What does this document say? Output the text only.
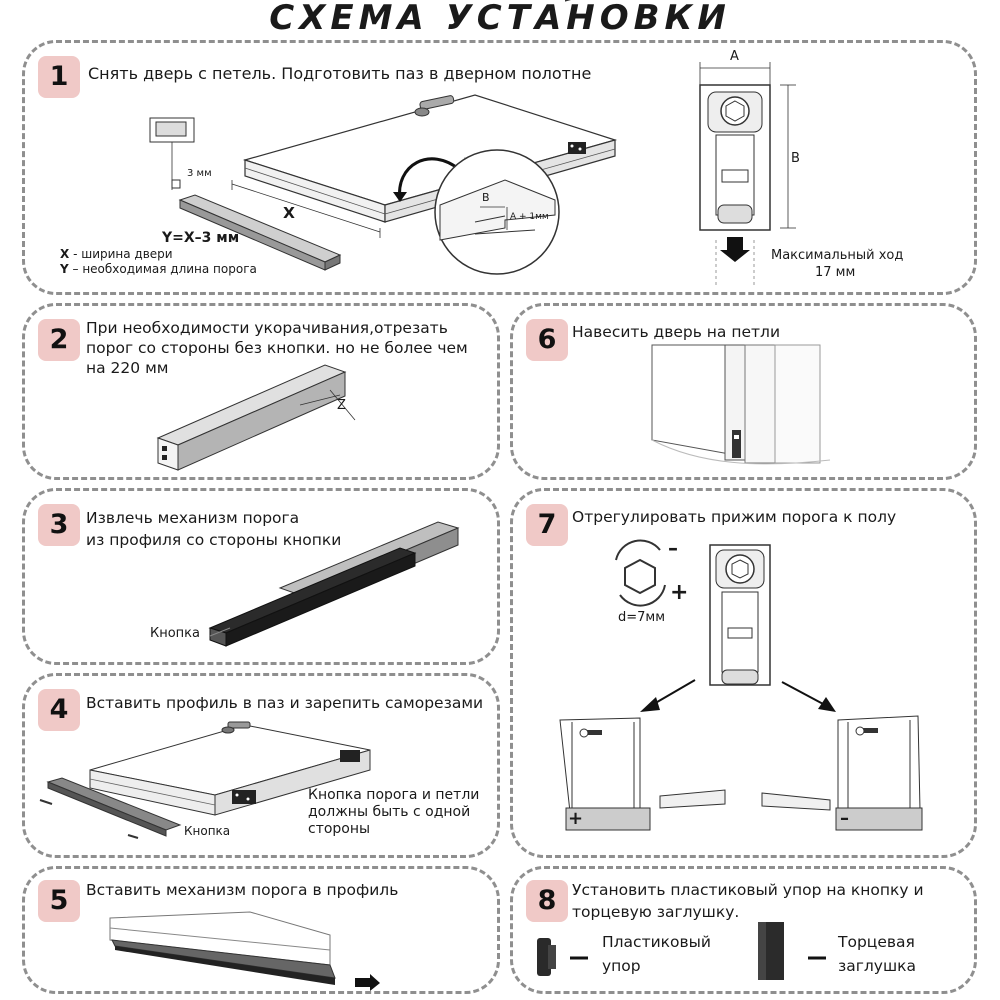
СХЕМА УСТАНОВКИ
1	Снять дверь с петель. Подготовить паз в дверном полотне
3 мм
X
Y=X–3 мм
X - ширина двери
Y – необходимая длина порога
B
A + 1мм
A
B
Максимальный ход
17 мм
2	При необходимости укорачивания,отрезать
порог со стороны без кнопки. но не более чем
на 220 мм
Z
6	Навесить дверь на петли
3	Извлечь механизм порога
из профиля со стороны кнопки
Кнопка
7	Отрегулировать прижим порога к полу
–
+
d=7мм
+	–
4	Вставить профиль в паз и зарепить саморезами
Кнопка
Кнопка порога и петли
должны быть с одной
стороны
5	Вставить механизм порога в профиль	8	Установить пластиковый упор на кнопку и
торцевую заглушку.
Пластиковый
упор
Торцевая
заглушка
